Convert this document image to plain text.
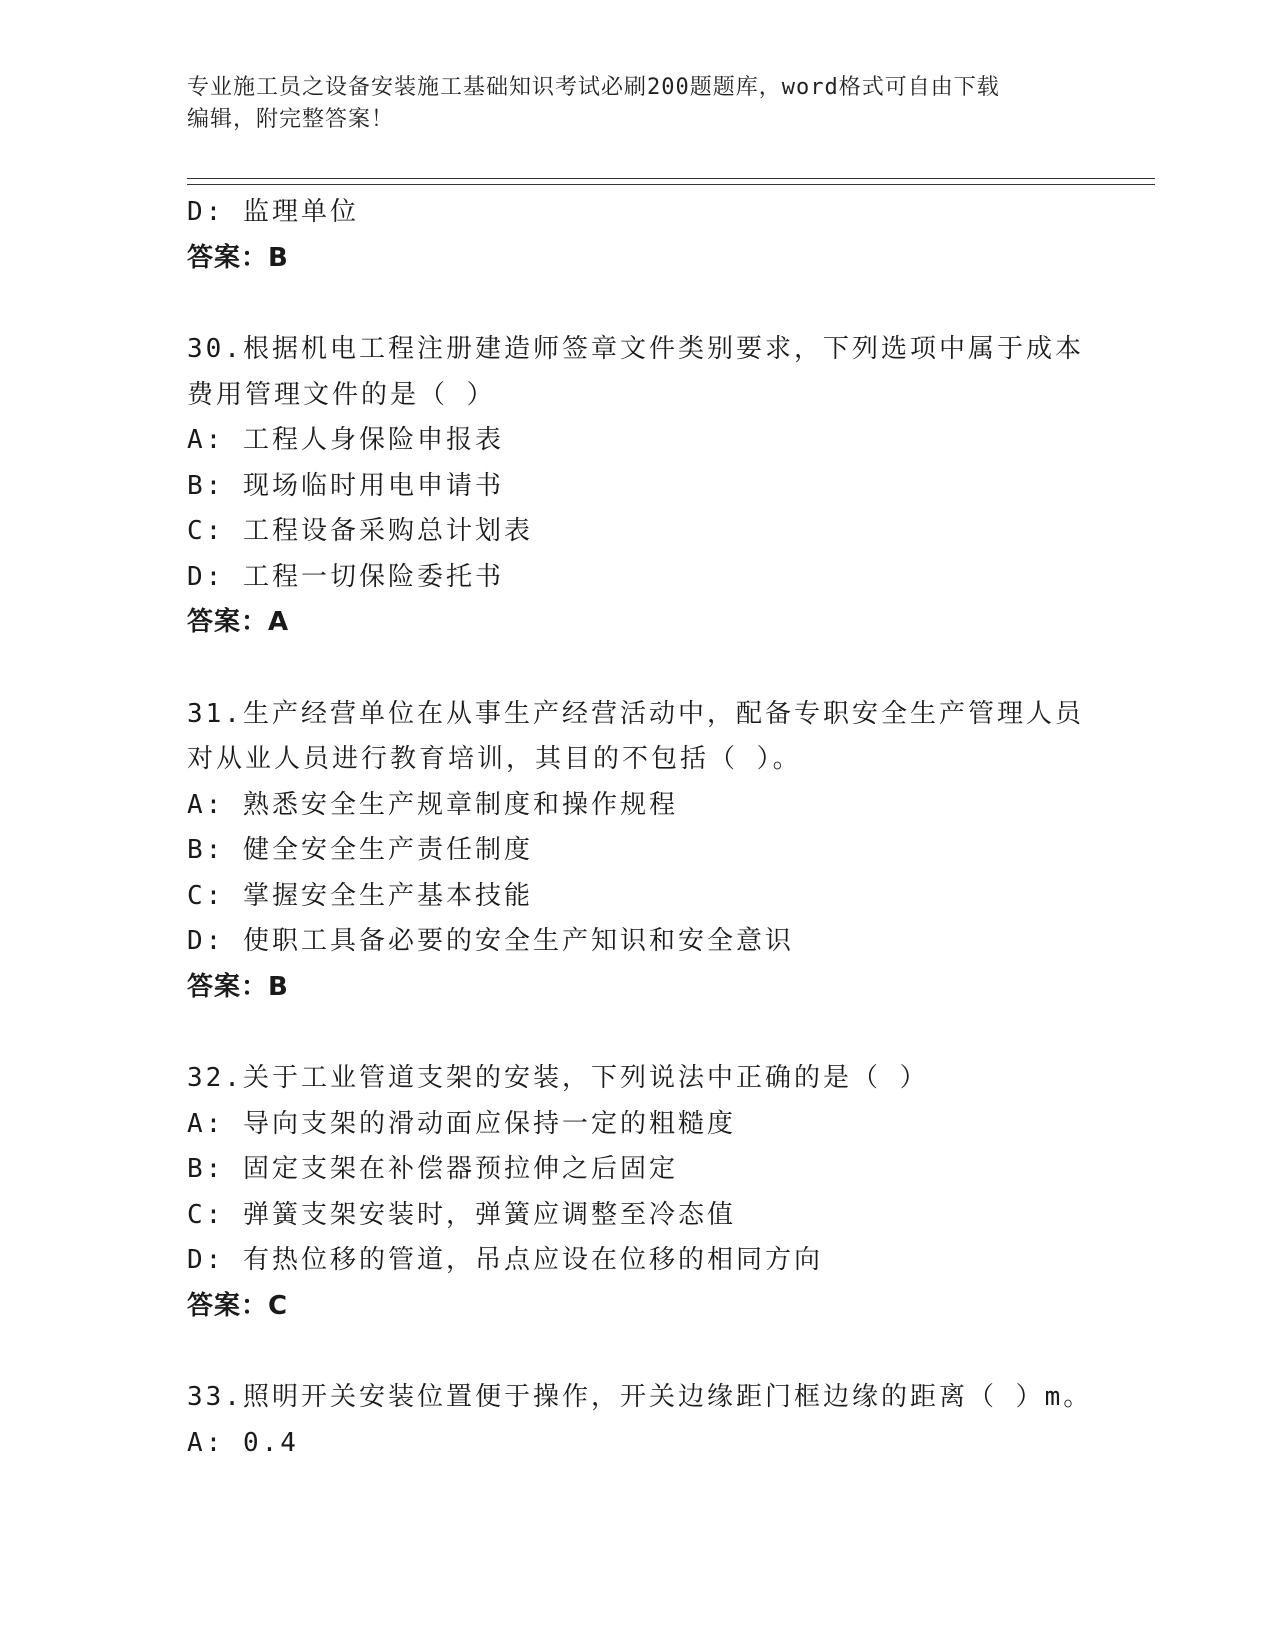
专业施工员之设备安装施工基础知识考试必刷200题题库，word格式可自由下载
编辑，附完整答案！
D: 监理单位
答案：B
30.根据机电工程注册建造师签章文件类别要求，下列选项中属于成本
费用管理文件的是（ ）
A: 工程人身保险申报表
B: 现场临时用电申请书
C: 工程设备采购总计划表
D: 工程一切保险委托书
答案：A
31.生产经营单位在从事生产经营活动中，配备专职安全生产管理人员
对从业人员进行教育培训，其目的不包括（ ）。
A: 熟悉安全生产规章制度和操作规程
B: 健全安全生产责任制度
C: 掌握安全生产基本技能
D: 使职工具备必要的安全生产知识和安全意识
答案：B
32.关于工业管道支架的安装，下列说法中正确的是（ ）
A: 导向支架的滑动面应保持一定的粗糙度
B: 固定支架在补偿器预拉伸之后固定
C: 弹簧支架安装时，弹簧应调整至冷态值
D: 有热位移的管道，吊点应设在位移的相同方向
答案：C
33.照明开关安装位置便于操作，开关边缘距门框边缘的距离（ ）m。
A: 0.4
